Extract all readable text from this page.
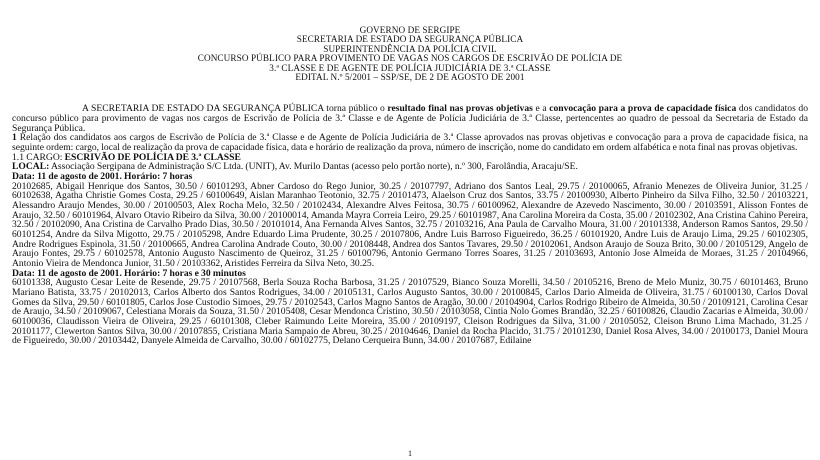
GOVERNO DE SERGIPE
SECRETARIA DE ESTADO DA SEGURANÇA PÚBLICA
SUPERINTENDÊNCIA DA POLÍCIA CIVIL
CONCURSO PÚBLICO PARA PROVIMENTO DE VAGAS NOS CARGOS DE ESCRIVÃO DE POLÍCIA DE
3.ª CLASSE E DE AGENTE DE POLÍCIA JUDICIÁRIA DE 3.ª CLASSE
EDITAL N.º 5/2001 – SSP/SE, DE 2 DE AGOSTO DE 2001

A SECRETARIA DE ESTADO DA SEGURANÇA PÚBLICA torna público o resultado final nas provas objetivas e a convocação para a prova de capacidade física dos candidatos do concurso público para provimento de vagas nos cargos de Escrivão de Polícia de 3.ª Classe e de Agente de Polícia Judiciária de 3.ª Classe, pertencentes ao quadro de pessoal da Secretaria de Estado da Segurança Pública.

1 Relação dos candidatos aos cargos de Escrivão de Polícia de 3.ª Classe e de Agente de Polícia Judiciária de 3.ª Classe aprovados nas provas objetivas e convocação para a prova de capacidade física, na seguinte ordem: cargo, local de realização da prova de capacidade física, data e horário de realização da prova, número de inscrição, nome do candidato em ordem alfabética e nota final nas provas objetivas.

1.1 CARGO: ESCRIVÃO DE POLÍCIA DE 3.ª CLASSE

LOCAL: Associação Sergipana de Administração S/C Ltda. (UNIT), Av. Murilo Dantas (acesso pelo portão norte), n.º 300, Farolândia, Aracaju/SE.

Data: 11 de agosto de 2001. Horário: 7 horas

20102685, Abigail Henrique dos Santos, 30.50 / 60101293, Abner Cardoso do Rego Junior, 30.25 / 20107797, Adriano dos Santos Leal, 29.75 / 20100065, Afranio Menezes de Oliveira Junior, 31.25 / 60102638, Agatha Christie Gomes Costa, 29.25 / 60100649, Aislan Maranhao Teotonio, 32.75 / 20101473, Alaelson Cruz dos Santos, 33.75 / 20100930, Alberto Pinheiro da Silva Filho, 32.50 / 20103221, Alessandro Araujo Mendes, 30.00 / 20100503, Alex Rocha Melo, 32.50 / 20102434, Alexandre Alves Feitosa, 30.75 / 60100962, Alexandre de Azevedo Nascimento, 30.00 / 20103591, Alisson Fontes de Araujo, 32.50 / 60101964, Alvaro Otavio Ribeiro da Silva, 30.00 / 20100014, Amanda Mayra Correia Leiro, 29.25 / 60101987, Ana Carolina Moreira da Costa, 35.00 / 20102302, Ana Cristina Cahino Pereira, 32.50 / 20102090, Ana Cristina de Carvalho Prado Dias, 30.50 / 20101014, Ana Fernanda Alves Santos, 32.75 / 20103216, Ana Paula de Carvalho Moura, 31.00 / 20101338, Anderson Ramos Santos, 29.50 / 60101254, Andre da Silva Migotto, 29.75 / 20105298, Andre Eduardo Lima Prudente, 30.25 / 20107806, Andre Luis Barroso Figueiredo, 36.25 / 60101920, Andre Luis de Araujo Lima, 29.25 / 60102305, Andre Rodrigues Espinola, 31.50 / 20100665, Andrea Carolina Andrade Couto, 30.00 / 20108448, Andrea dos Santos Tavares, 29.50 / 20102061, Andson Araujo de Souza Brito, 30.00 / 20105129, Angelo de Araujo Fontes, 29.75 / 60102578, Antonio Augusto Nascimento de Queiroz, 31.25 / 60100796, Antonio Germano Torres Soares, 31.25 / 20103693, Antonio Jose Almeida de Moraes, 31.25 / 20104966, Antonio Vieira de Mendonca Junior, 31.50 / 20103362, Aristides Ferreira da Silva Neto, 30.25.

Data: 11 de agosto de 2001. Horário: 7 horas e 30 minutos

60101338, Augusto Cesar Leite de Resende, 29.75 / 20107568, Berla Souza Rocha Barbosa, 31.25 / 20107529, Bianco Souza Morelli, 34.50 / 20105216, Breno de Melo Muniz, 30.75 / 60101463, Bruno Mariano Batista, 33.75 / 20102013, Carlos Alberto dos Santos Rodrigues, 34.00 / 20105131, Carlos Augusto Santos, 30.00 / 20100845, Carlos Dario Almeida de Oliveira, 31.75 / 60100130, Carlos Doval Gomes da Silva, 29.50 / 60101805, Carlos Jose Custodio Simoes, 29.75 / 20102543, Carlos Magno Santos de Aragão, 30.00 / 20104904, Carlos Rodrigo Ribeiro de Almeida, 30.50 / 20109121, Carolina Cesar de Araujo, 34.50 / 20109067, Celestiana Morais da Souza, 31.50 / 20105408, Cesar Mendonca Cristino, 30.50 / 20103058, Cintia Nolo Gomes Brandão, 32.25 / 60100826, Claudio Zacarias e Almeida, 30.00 / 60100036, Claudisson Vieira de Oliveira, 29.25 / 60101308, Cleber Raimundo Leite Moreira, 35.00 / 20109197, Cleison Rodrigues da Silva, 31.00 / 20105052, Cleison Bruno Lima Machado, 31.25 / 20101177, Clewerton Santos Silva, 30.00 / 20107855, Cristiana Maria Sampaio de Abreu, 30.25 / 20104646, Daniel da Rocha Placido, 31.75 / 20101230, Daniel Rosa Alves, 34.00 / 20100173, Daniel Moura de Figueiredo, 30.00 / 20103442, Danyele Almeida de Carvalho, 30.00 / 60102775, Delano Cerqueira Bunn, 34.00 / 20107687, Edilaine

1
